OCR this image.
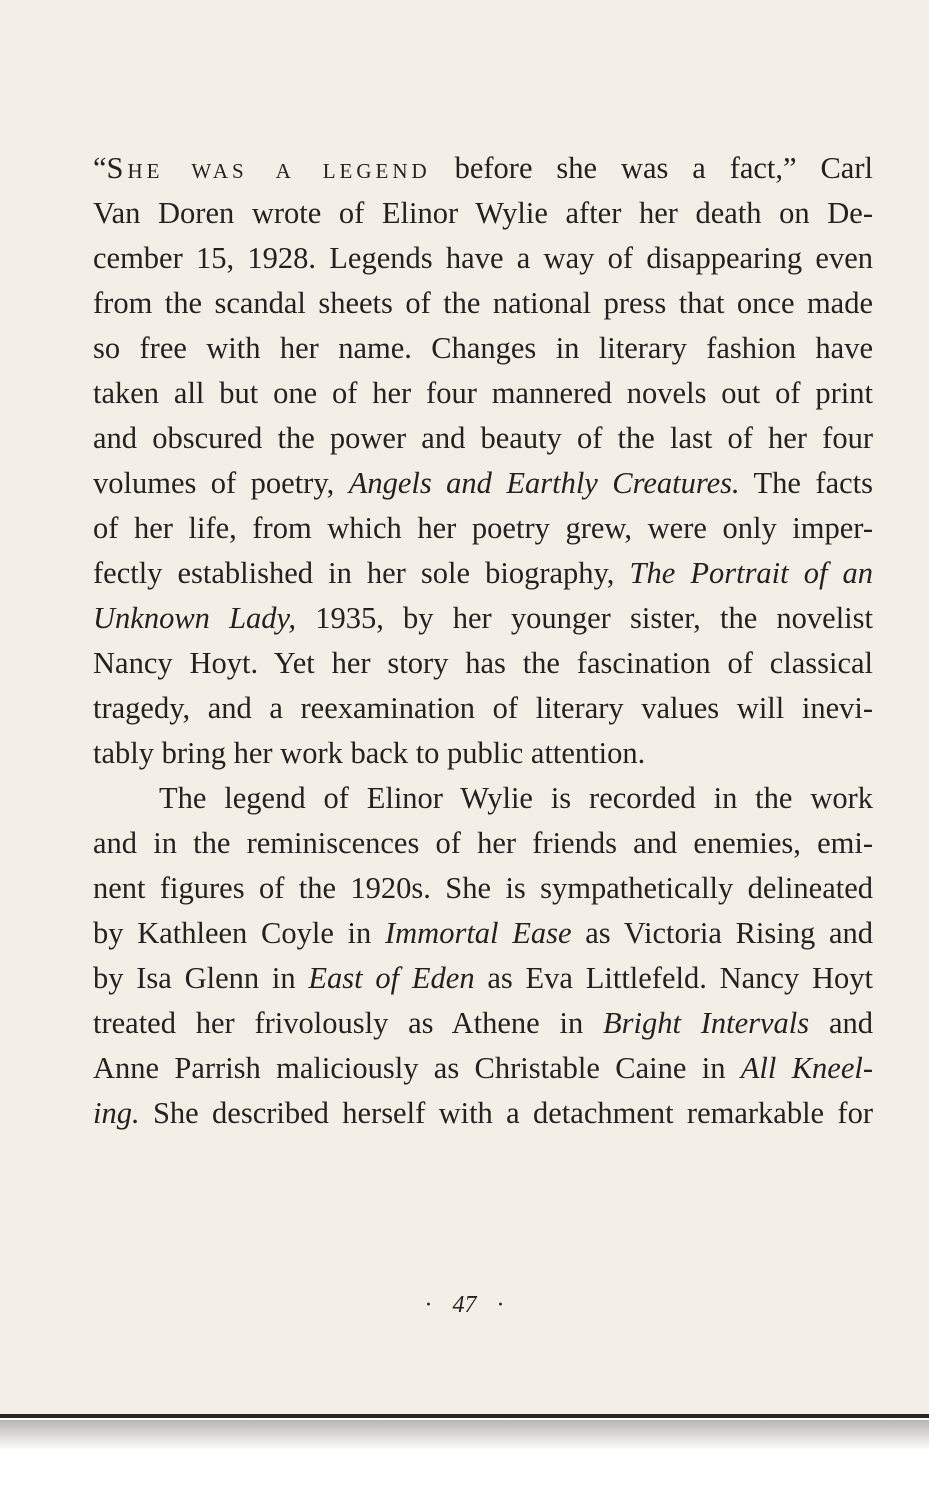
“She was a legend before she was a fact,” Carl
Van Doren wrote of Elinor Wylie after her death on De-
cember 15, 1928. Legends have a way of disappearing even
from the scandal sheets of the national press that once made
so free with her name. Changes in literary fashion have
taken all but one of her four mannered novels out of print
and obscured the power and beauty of the last of her four
volumes of poetry, Angels and Earthly Creatures. The facts
of her life, from which her poetry grew, were only imper-
fectly established in her sole biography, The Portrait of an
Unknown Lady, 1935, by her younger sister, the novelist
Nancy Hoyt. Yet her story has the fascination of classical
tragedy, and a reexamination of literary values will inevi-
tably bring her work back to public attention.
The legend of Elinor Wylie is recorded in the work
and in the reminiscences of her friends and enemies, emi-
nent figures of the 1920s. She is sympathetically delineated
by Kathleen Coyle in Immortal Ease as Victoria Rising and
by Isa Glenn in East of Eden as Eva Littlefeld. Nancy Hoyt
treated her frivolously as Athene in Bright Intervals and
Anne Parrish maliciously as Christable Caine in All Kneel-
ing. She described herself with a detachment remarkable for
· 47 ·
